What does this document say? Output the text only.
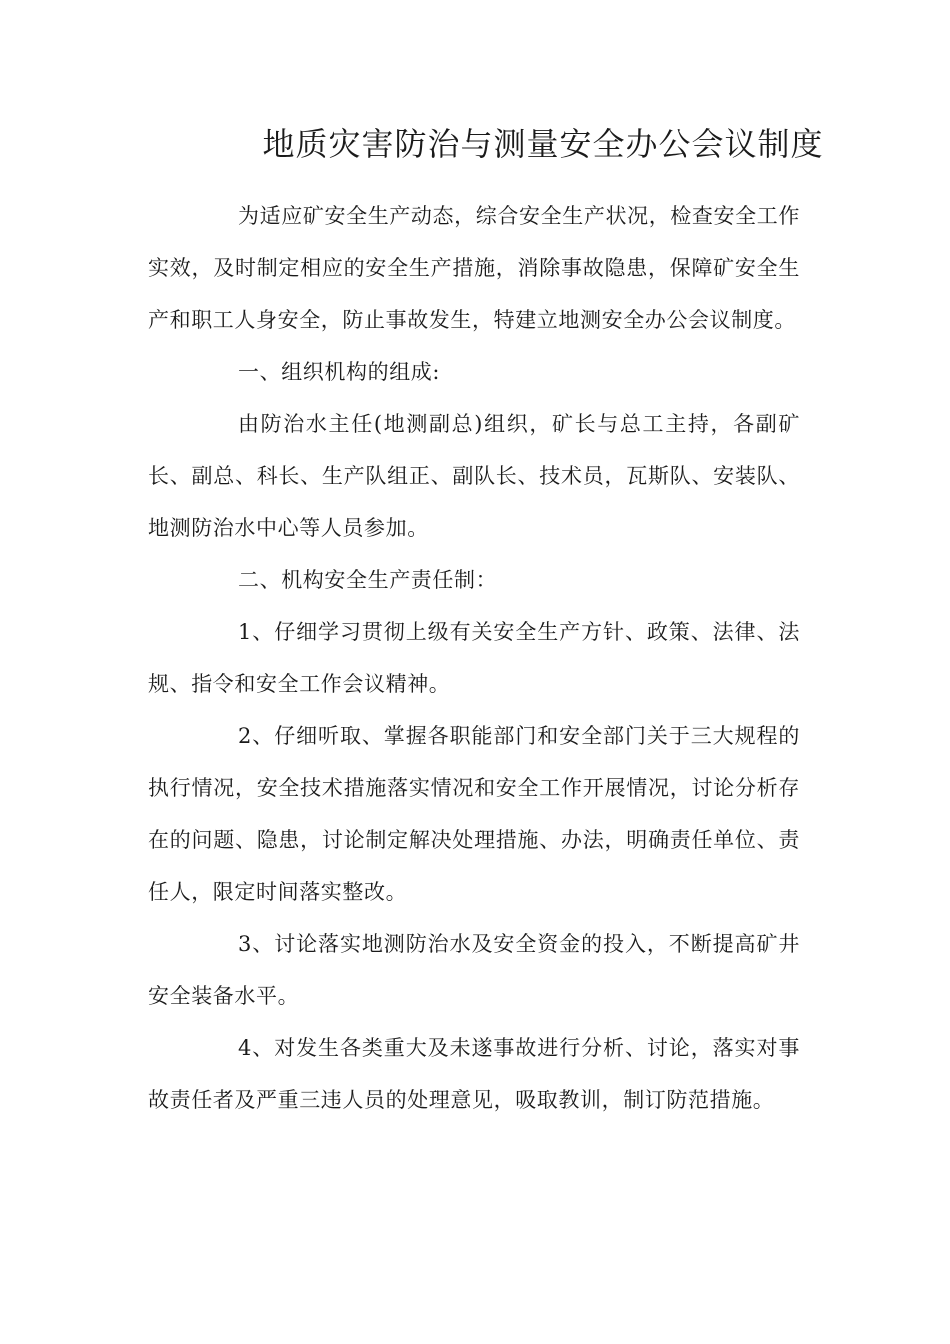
地质灾害防治与测量安全办公会议制度

为适应矿安全生产动态，综合安全生产状况，检查安全工作实效，及时制定相应的安全生产措施，消除事故隐患，保障矿安全生产和职工人身安全，防止事故发生，特建立地测安全办公会议制度。

一、组织机构的组成:

由防治水主任(地测副总)组织，矿长与总工主持，各副矿长、副总、科长、生产队组正、副队长、技术员，瓦斯队、安装队、地测防治水中心等人员参加。

二、机构安全生产责任制：

1、仔细学习贯彻上级有关安全生产方针、政策、法律、法规、指令和安全工作会议精神。

2、仔细听取、掌握各职能部门和安全部门关于三大规程的执行情况，安全技术措施落实情况和安全工作开展情况，讨论分析存在的问题、隐患，讨论制定解决处理措施、办法，明确责任单位、责任人，限定时间落实整改。

3、讨论落实地测防治水及安全资金的投入，不断提高矿井安全装备水平。

4、对发生各类重大及未遂事故进行分析、讨论，落实对事故责任者及严重三违人员的处理意见，吸取教训，制订防范措施。
